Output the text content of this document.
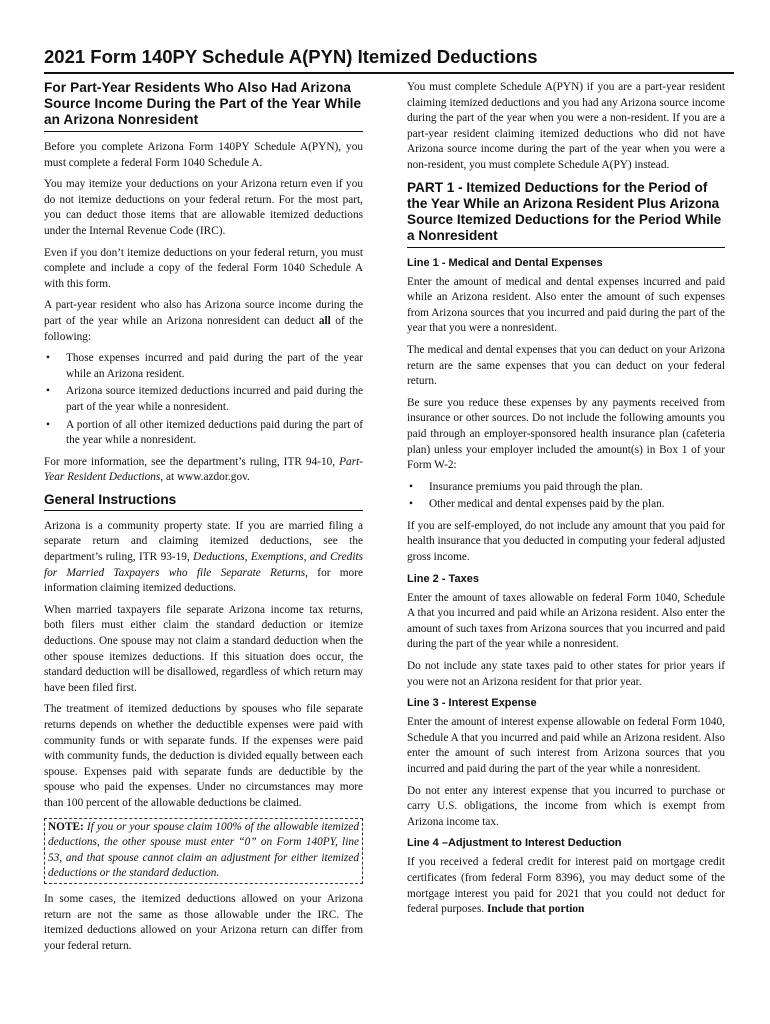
2021 Form 140PY Schedule A(PYN) Itemized Deductions
For Part-Year Residents Who Also Had Arizona Source Income During the Part of the Year While an Arizona Nonresident

Before you complete Arizona Form 140PY Schedule A(PYN), you must complete a federal Form 1040 Schedule A.

You may itemize your deductions on your Arizona return even if you do not itemize deductions on your federal return. For the most part, you can deduct those items that are allowable itemized deductions under the Internal Revenue Code (IRC).

Even if you don’t itemize deductions on your federal return, you must complete and include a copy of the federal Form 1040 Schedule A with this form.

A part-year resident who also has Arizona source income during the part of the year while an Arizona nonresident can deduct all of the following:

• Those expenses incurred and paid during the part of the year while an Arizona resident.
• Arizona source itemized deductions incurred and paid during the part of the year while a nonresident.
• A portion of all other itemized deductions paid during the part of the year while a nonresident.

For more information, see the department’s ruling, ITR 94-10, Part-Year Resident Deductions, at www.azdor.gov.

General Instructions

Arizona is a community property state. If you are married filing a separate return and claiming itemized deductions, see the department’s ruling, ITR 93-19, Deductions, Exemptions, and Credits for Married Taxpayers who file Separate Returns, for more information claiming itemized deductions.

When married taxpayers file separate Arizona income tax returns, both filers must either claim the standard deduction or itemize deductions. One spouse may not claim a standard deduction when the other spouse itemizes deductions. If this situation does occur, the standard deduction will be disallowed, regardless of which return may have been filed first.

The treatment of itemized deductions by spouses who file separate returns depends on whether the deductible expenses were paid with community funds or with separate funds. If the expenses were paid with community funds, the deduction is divided equally between each spouse. Expenses paid with separate funds are deductible by the spouse who paid the expenses. Under no circumstances may more than 100 percent of the allowable deductions be claimed.

NOTE: If you or your spouse claim 100% of the allowable itemized deductions, the other spouse must enter “0” on Form 140PY, line 53, and that spouse cannot claim an adjustment for either itemized deductions or the standard deduction.

In some cases, the itemized deductions allowed on your Arizona return are not the same as those allowable under the IRC. The itemized deductions allowed on your Arizona return can differ from your federal return.

You must complete Schedule A(PYN) if you are a part-year resident claiming itemized deductions and you had any Arizona source income during the part of the year when you were a non-resident. If you are a part-year resident claiming itemized deductions who did not have Arizona source income during the part of the year when you were a non-resident, you must complete Schedule A(PY) instead.

PART 1 - Itemized Deductions for the Period of the Year While an Arizona Resident Plus Arizona Source Itemized Deductions for the Period While a Nonresident
Line 1 - Medical and Dental Expenses

Enter the amount of medical and dental expenses incurred and paid while an Arizona resident. Also enter the amount of such expenses from Arizona sources that you incurred and paid during the part of the year that you were a nonresident.

The medical and dental expenses that you can deduct on your Arizona return are the same expenses that you can deduct on your federal return.

Be sure you reduce these expenses by any payments received from insurance or other sources. Do not include the following amounts you paid through an employer-sponsored health insurance plan (cafeteria plan) unless your employer included the amount(s) in Box 1 of your Form W-2:

• Insurance premiums you paid through the plan.
• Other medical and dental expenses paid by the plan.

If you are self-employed, do not include any amount that you paid for health insurance that you deducted in computing your federal adjusted gross income.

Line 2 - Taxes

Enter the amount of taxes allowable on federal Form 1040, Schedule A that you incurred and paid while an Arizona resident. Also enter the amount of such taxes from Arizona sources that you incurred and paid during the part of the year while a nonresident.

Do not include any state taxes paid to other states for prior years if you were not an Arizona resident for that prior year.

Line 3 - Interest Expense

Enter the amount of interest expense allowable on federal Form 1040, Schedule A that you incurred and paid while an Arizona resident. Also enter the amount of such interest from Arizona sources that you incurred and paid during the part of the year while a nonresident.

Do not enter any interest expense that you incurred to purchase or carry U.S. obligations, the income from which is exempt from Arizona income tax.

Line 4 –Adjustment to Interest Deduction

If you received a federal credit for interest paid on mortgage credit certificates (from federal Form 8396), you may deduct some of the mortgage interest you paid for 2021 that you could not deduct for federal purposes. Include that portion
